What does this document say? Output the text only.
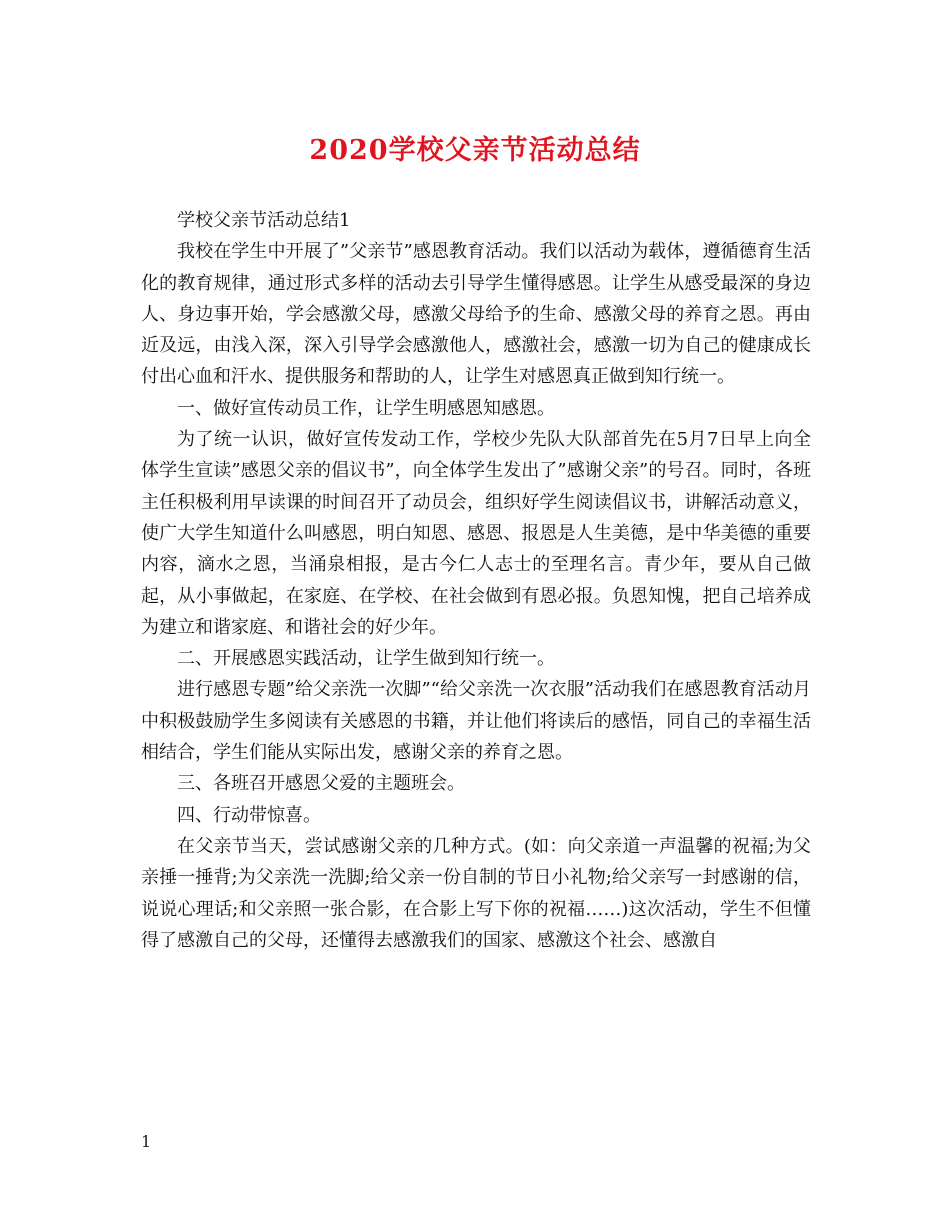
2020学校父亲节活动总结

学校父亲节活动总结1

我校在学生中开展了”父亲节”感恩教育活动。我们以活动为载体，遵循德育生活化的教育规律，通过形式多样的活动去引导学生懂得感恩。让学生从感受最深的身边人、身边事开始，学会感激父母，感激父母给予的生命、感激父母的养育之恩。再由近及远，由浅入深，深入引导学会感激他人，感激社会，感激一切为自己的健康成长付出心血和汗水、提供服务和帮助的人，让学生对感恩真正做到知行统一。

一、做好宣传动员工作，让学生明感恩知感恩。

为了统一认识，做好宣传发动工作，学校少先队大队部首先在5月7日早上向全体学生宣读”感恩父亲的倡议书”，向全体学生发出了”感谢父亲”的号召。同时，各班主任积极利用早读课的时间召开了动员会，组织好学生阅读倡议书，讲解活动意义，使广大学生知道什么叫感恩，明白知恩、感恩、报恩是人生美德，是中华美德的重要内容，滴水之恩，当涌泉相报，是古今仁人志士的至理名言。青少年，要从自己做起，从小事做起，在家庭、在学校、在社会做到有恩必报。负恩知愧，把自己培养成为建立和谐家庭、和谐社会的好少年。

二、开展感恩实践活动，让学生做到知行统一。

进行感恩专题”给父亲洗一次脚”“给父亲洗一次衣服”活动我们在感恩教育活动月中积极鼓励学生多阅读有关感恩的书籍，并让他们将读后的感悟，同自己的幸福生活相结合，学生们能从实际出发，感谢父亲的养育之恩。

三、各班召开感恩父爱的主题班会。

四、行动带惊喜。

在父亲节当天，尝试感谢父亲的几种方式。(如：向父亲道一声温馨的祝福;为父亲捶一捶背;为父亲洗一洗脚;给父亲一份自制的节日小礼物;给父亲写一封感谢的信，说说心理话;和父亲照一张合影，在合影上写下你的祝福……)这次活动，学生不但懂得了感激自己的父母，还懂得去感激我们的国家、感激这个社会、感激自

1
